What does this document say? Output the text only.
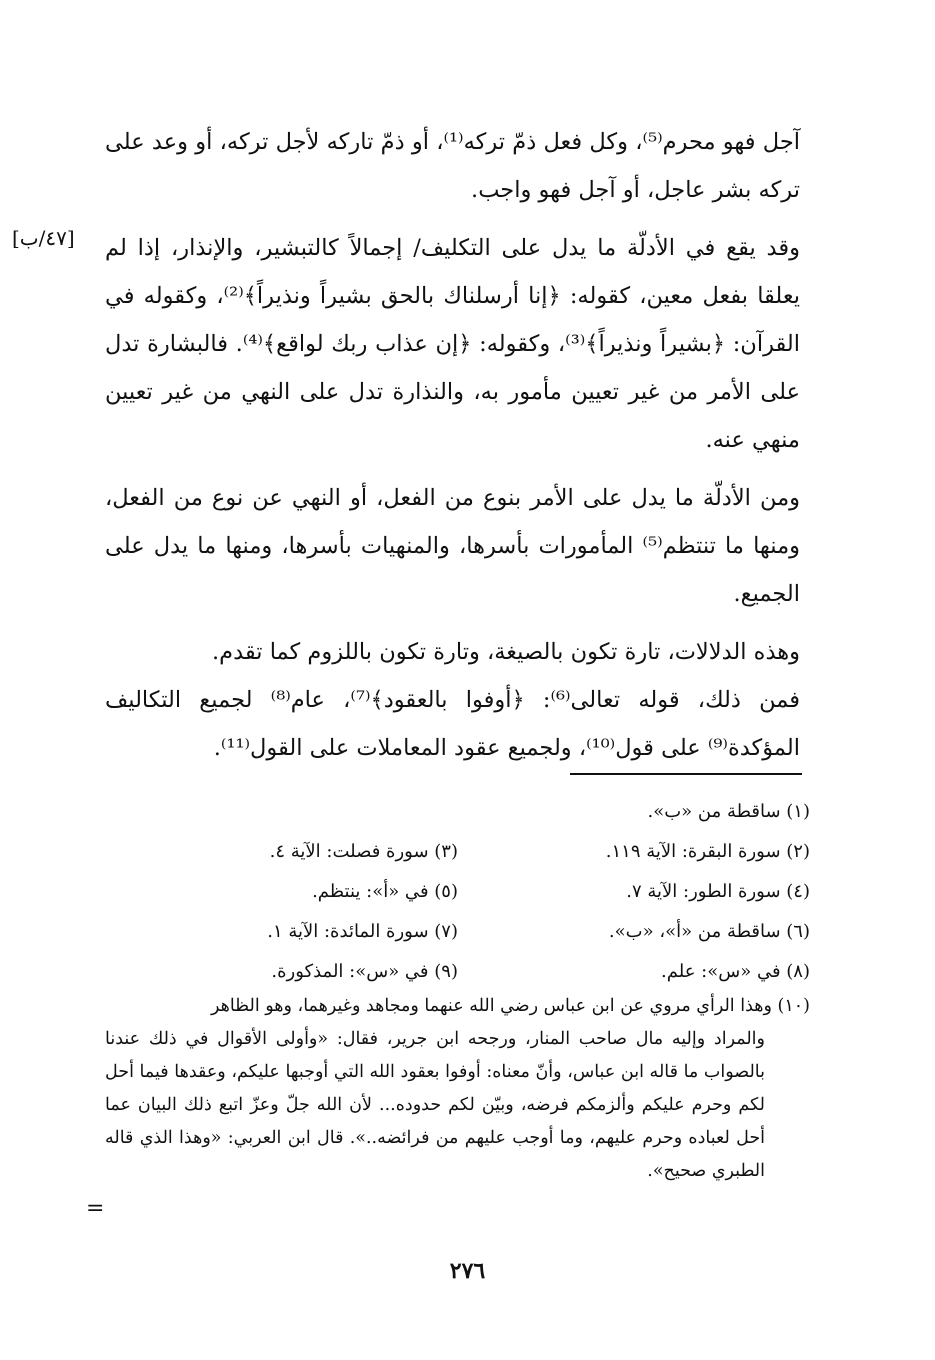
[٤٧/ب]

آجل فهو محرم⁽⁵⁾، وكل فعل ذمّ تركه⁽¹⁾، أو ذمّ تاركه لأجل تركه، أو وعد على تركه بشر عاجل، أو آجل فهو واجب.

وقد يقع في الأدلّة ما يدل على التكليف/ إجمالاً كالتبشير، والإنذار، إذا لم يعلقا بفعل معين، كقوله: ﴿إنا أرسلناك بالحق بشيراً ونذيراً﴾⁽²⁾، وكقوله في القرآن: ﴿بشيراً ونذيراً﴾⁽³⁾، وكقوله: ﴿إن عذاب ربك لواقع﴾⁽⁴⁾. فالبشارة تدل على الأمر من غير تعيين مأمور به، والنذارة تدل على النهي من غير تعيين منهي عنه.

ومن الأدلّة ما يدل على الأمر بنوع من الفعل، أو النهي عن نوع من الفعل، ومنها ما تنتظم⁽⁵⁾ المأمورات بأسرها، والمنهيات بأسرها، ومنها ما يدل على الجميع.

وهذه الدلالات، تارة تكون بالصيغة، وتارة تكون باللزوم كما تقدم.

فمن ذلك، قوله تعالى⁽⁶⁾: ﴿أوفوا بالعقود﴾⁽⁷⁾، عام⁽⁸⁾ لجميع التكاليف المؤكدة⁽⁹⁾ على قول⁽¹⁰⁾، ولجميع عقود المعاملات على القول⁽¹¹⁾.

(١) ساقطة من «ب».
(٢) سورة البقرة: الآية ١١٩.
(٣) سورة فصلت: الآية ٤.
(٤) سورة الطور: الآية ٧.
(٥) في «أ»: ينتظم.
(٦) ساقطة من «أ»، «ب».
(٧) سورة المائدة: الآية ١.
(٨) في «س»: علم.
(٩) في «س»: المذكورة.

(١٠) وهذا الرأي مروي عن ابن عباس رضي الله عنهما ومجاهد وغيرهما، وهو الظاهر

والمراد وإليه مال صاحب المنار، ورجحه ابن جرير، فقال: «وأولى الأقوال في ذلك عندنا بالصواب ما قاله ابن عباس، وأنّ معناه: أوفوا بعقود الله التي أوجبها عليكم، وعقدها فيما أحل لكم وحرم عليكم وألزمكم فرضه، وبيّن لكم حدوده... لأن الله جلّ وعزّ اتبع ذلك البيان عما أحل لعباده وحرم عليهم، وما أوجب عليهم من فرائضه..». قال ابن العربي: «وهذا الذي قاله الطبري صحيح».

=
٢٧٦
